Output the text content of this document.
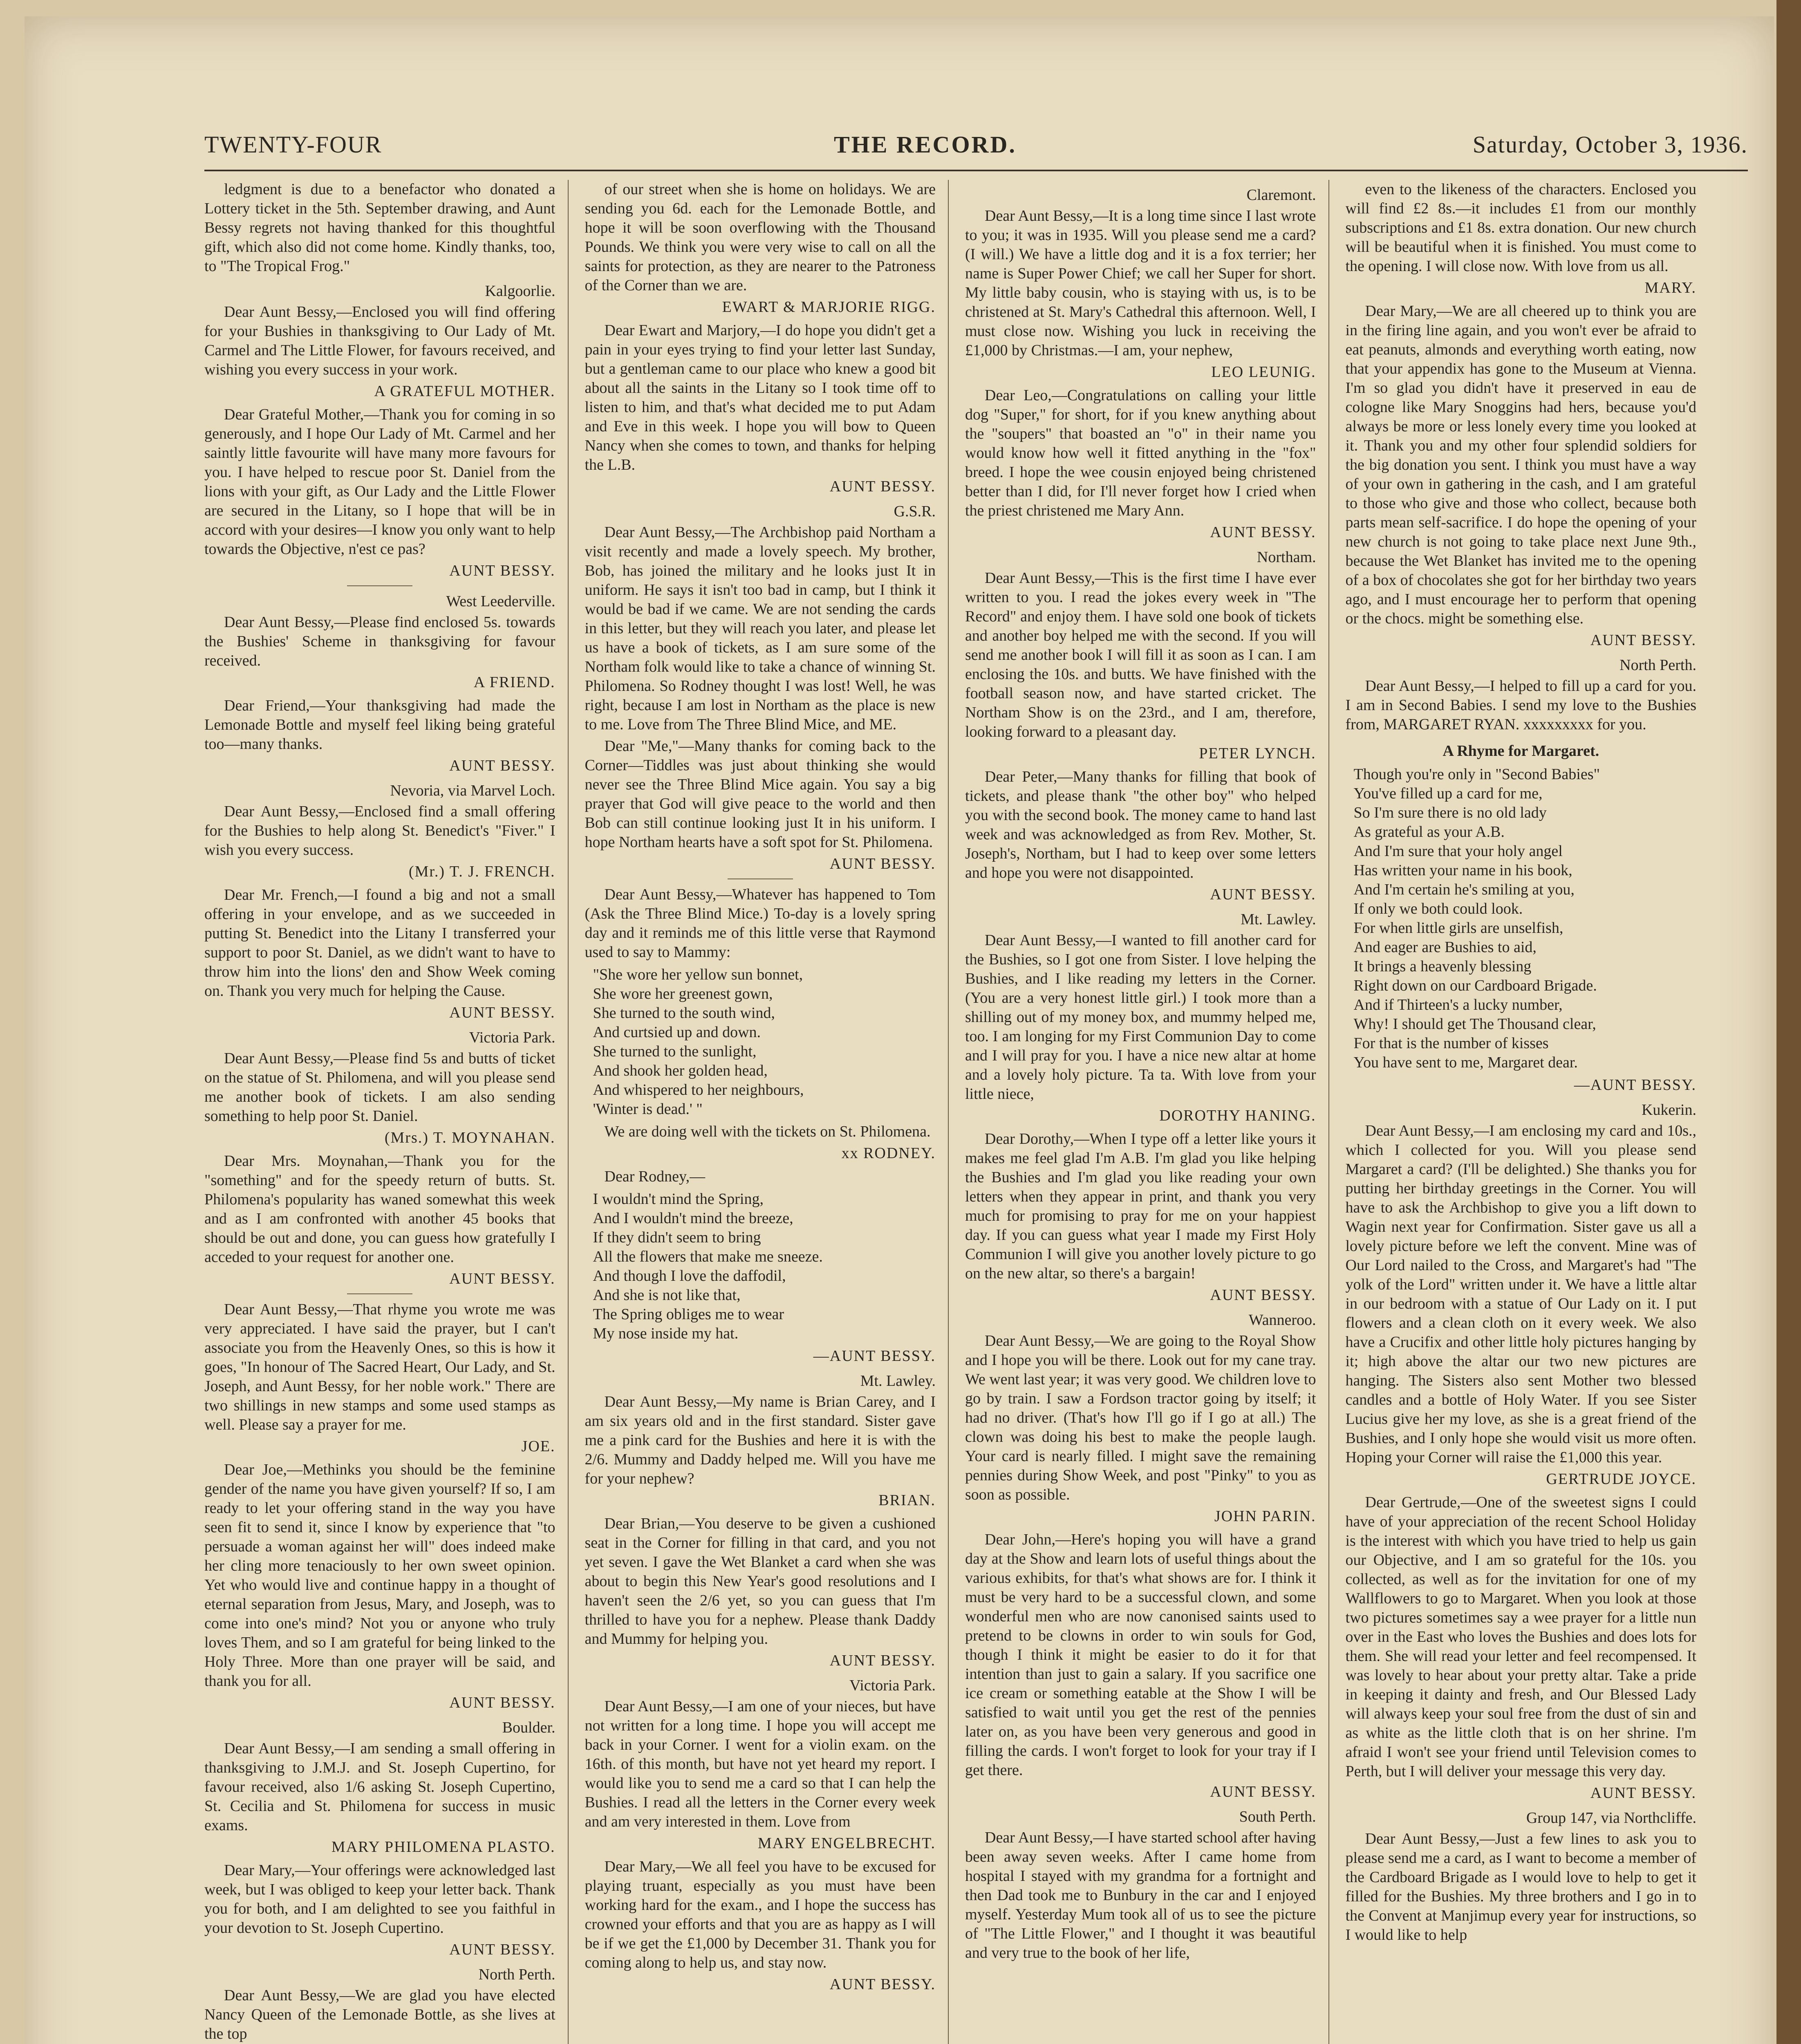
TWENTY-FOUR	THE RECORD.	Saturday, October 3, 1936.

ledgment is due to a benefactor who donated a Lottery ticket in the 5th. September drawing, and Aunt Bessy regrets not having thanked for this thoughtful gift, which also did not come home. Kindly thanks, too, to "The Tropical Frog."

Kalgoorlie.

Dear Aunt Bessy,—Enclosed you will find offering for your Bushies in thanksgiving to Our Lady of Mt. Carmel and The Little Flower, for favours received, and wishing you every success in your work.

A GRATEFUL MOTHER.

Dear Grateful Mother,—Thank you for coming in so generously, and I hope Our Lady of Mt. Carmel and her saintly little favourite will have many more favours for you. I have helped to rescue poor St. Daniel from the lions with your gift, as Our Lady and the Little Flower are secured in the Litany, so I hope that will be in accord with your desires—I know you only want to help towards the Objective, n'est ce pas?

AUNT BESSY.

West Leederville.

Dear Aunt Bessy,—Please find enclosed 5s. towards the Bushies' Scheme in thanksgiving for favour received.

A FRIEND.

Dear Friend,—Your thanksgiving had made the Lemonade Bottle and myself feel liking being grateful too—many thanks.

AUNT BESSY.

Nevoria, via Marvel Loch.

Dear Aunt Bessy,—Enclosed find a small offering for the Bushies to help along St. Benedict's "Fiver." I wish you every success.

(Mr.) T. J. FRENCH.

Dear Mr. French,—I found a big and not a small offering in your envelope, and as we succeeded in putting St. Benedict into the Litany I transferred your support to poor St. Daniel, as we didn't want to have to throw him into the lions' den and Show Week coming on. Thank you very much for helping the Cause.

AUNT BESSY.

Victoria Park.

Dear Aunt Bessy,—Please find 5s and butts of ticket on the statue of St. Philomena, and will you please send me another book of tickets. I am also sending something to help poor St. Daniel.

(Mrs.) T. MOYNAHAN.

Dear Mrs. Moynahan,—Thank you for the "something" and for the speedy return of butts. St. Philomena's popularity has waned somewhat this week and as I am confronted with another 45 books that should be out and done, you can guess how gratefully I acceded to your request for another one.

AUNT BESSY.

Dear Aunt Bessy,—That rhyme you wrote me was very appreciated. I have said the prayer, but I can't associate you from the Heavenly Ones, so this is how it goes, "In honour of The Sacred Heart, Our Lady, and St. Joseph, and Aunt Bessy, for her noble work." There are two shillings in new stamps and some used stamps as well. Please say a prayer for me.

JOE.

Dear Joe,—Methinks you should be the feminine gender of the name you have given yourself? If so, I am ready to let your offering stand in the way you have seen fit to send it, since I know by experience that "to persuade a woman against her will" does indeed make her cling more tenaciously to her own sweet opinion. Yet who would live and continue happy in a thought of eternal separation from Jesus, Mary, and Joseph, was to come into one's mind? Not you or anyone who truly loves Them, and so I am grateful for being linked to the Holy Three. More than one prayer will be said, and thank you for all.

AUNT BESSY.

Boulder.

Dear Aunt Bessy,—I am sending a small offering in thanksgiving to J.M.J. and St. Joseph Cupertino, for favour received, also 1/6 asking St. Joseph Cupertino, St. Cecilia and St. Philomena for success in music exams.

MARY PHILOMENA PLASTO.

Dear Mary,—Your offerings were acknowledged last week, but I was obliged to keep your letter back. Thank you for both, and I am delighted to see you faithful in your devotion to St. Joseph Cupertino.

AUNT BESSY.

North Perth.

Dear Aunt Bessy,—We are glad you have elected Nancy Queen of the Lemonade Bottle, as she lives at the top

of our street when she is home on holidays. We are sending you 6d. each for the Lemonade Bottle, and hope it will be soon overflowing with the Thousand Pounds. We think you were very wise to call on all the saints for protection, as they are nearer to the Patroness of the Corner than we are.

EWART & MARJORIE RIGG.

Dear Ewart and Marjory,—I do hope you didn't get a pain in your eyes trying to find your letter last Sunday, but a gentleman came to our place who knew a good bit about all the saints in the Litany so I took time off to listen to him, and that's what decided me to put Adam and Eve in this week. I hope you will bow to Queen Nancy when she comes to town, and thanks for helping the L.B.

AUNT BESSY.

G.S.R.

Dear Aunt Bessy,—The Archbishop paid Northam a visit recently and made a lovely speech. My brother, Bob, has joined the military and he looks just It in uniform. He says it isn't too bad in camp, but I think it would be bad if we came. We are not sending the cards in this letter, but they will reach you later, and please let us have a book of tickets, as I am sure some of the Northam folk would like to take a chance of winning St. Philomena. So Rodney thought I was lost! Well, he was right, because I am lost in Northam as the place is new to me. Love from The Three Blind Mice, and ME.

Dear "Me,"—Many thanks for coming back to the Corner—Tiddles was just about thinking she would never see the Three Blind Mice again. You say a big prayer that God will give peace to the world and then Bob can still continue looking just It in his uniform. I hope Northam hearts have a soft spot for St. Philomena.

AUNT BESSY.

Dear Aunt Bessy,—Whatever has happened to Tom (Ask the Three Blind Mice.) To-day is a lovely spring day and it reminds me of this little verse that Raymond used to say to Mammy:

"She wore her yellow sun bonnet,
She wore her greenest gown,
She turned to the south wind,
And curtsied up and down.
She turned to the sunlight,
And shook her golden head,
And whispered to her neighbours,
'Winter is dead.' "

We are doing well with the tickets on St. Philomena.

xx RODNEY.

Dear Rodney,—

I wouldn't mind the Spring,
And I wouldn't mind the breeze,
If they didn't seem to bring
All the flowers that make me sneeze.
And though I love the daffodil,
And she is not like that,
The Spring obliges me to wear
My nose inside my hat.

—AUNT BESSY.

Mt. Lawley.

Dear Aunt Bessy,—My name is Brian Carey, and I am six years old and in the first standard. Sister gave me a pink card for the Bushies and here it is with the 2/6. Mummy and Daddy helped me. Will you have me for your nephew?

BRIAN.

Dear Brian,—You deserve to be given a cushioned seat in the Corner for filling in that card, and you not yet seven. I gave the Wet Blanket a card when she was about to begin this New Year's good resolutions and I haven't seen the 2/6 yet, so you can guess that I'm thrilled to have you for a nephew. Please thank Daddy and Mummy for helping you.

AUNT BESSY.

Victoria Park.

Dear Aunt Bessy,—I am one of your nieces, but have not written for a long time. I hope you will accept me back in your Corner. I went for a violin exam. on the 16th. of this month, but have not yet heard my report. I would like you to send me a card so that I can help the Bushies. I read all the letters in the Corner every week and am very interested in them. Love from

MARY ENGELBRECHT.

Dear Mary,—We all feel you have to be excused for playing truant, especially as you must have been working hard for the exam., and I hope the success has crowned your efforts and that you are as happy as I will be if we get the £1,000 by December 31. Thank you for coming along to help us, and stay now.

AUNT BESSY.

Claremont.

Dear Aunt Bessy,—It is a long time since I last wrote to you; it was in 1935. Will you please send me a card? (I will.) We have a little dog and it is a fox terrier; her name is Super Power Chief; we call her Super for short. My little baby cousin, who is staying with us, is to be christened at St. Mary's Cathedral this afternoon. Well, I must close now. Wishing you luck in receiving the £1,000 by Christmas.—I am, your nephew,

LEO LEUNIG.

Dear Leo,—Congratulations on calling your little dog "Super," for short, for if you knew anything about the "soupers" that boasted an "o" in their name you would know how well it fitted anything in the "fox" breed. I hope the wee cousin enjoyed being christened better than I did, for I'll never forget how I cried when the priest christened me Mary Ann.

AUNT BESSY.

Northam.

Dear Aunt Bessy,—This is the first time I have ever written to you. I read the jokes every week in "The Record" and enjoy them. I have sold one book of tickets and another boy helped me with the second. If you will send me another book I will fill it as soon as I can. I am enclosing the 10s. and butts. We have finished with the football season now, and have started cricket. The Northam Show is on the 23rd., and I am, therefore, looking forward to a pleasant day.

PETER LYNCH.

Dear Peter,—Many thanks for filling that book of tickets, and please thank "the other boy" who helped you with the second book. The money came to hand last week and was acknowledged as from Rev. Mother, St. Joseph's, Northam, but I had to keep over some letters and hope you were not disappointed.

AUNT BESSY.

Mt. Lawley.

Dear Aunt Bessy,—I wanted to fill another card for the Bushies, so I got one from Sister. I love helping the Bushies, and I like reading my letters in the Corner. (You are a very honest little girl.) I took more than a shilling out of my money box, and mummy helped me, too. I am longing for my First Communion Day to come and I will pray for you. I have a nice new altar at home and a lovely holy picture. Ta ta. With love from your little niece,

DOROTHY HANING.

Dear Dorothy,—When I type off a letter like yours it makes me feel glad I'm A.B. I'm glad you like helping the Bushies and I'm glad you like reading your own letters when they appear in print, and thank you very much for promising to pray for me on your happiest day. If you can guess what year I made my First Holy Communion I will give you another lovely picture to go on the new altar, so there's a bargain!

AUNT BESSY.

Wanneroo.

Dear Aunt Bessy,—We are going to the Royal Show and I hope you will be there. Look out for my cane tray. We went last year; it was very good. We children love to go by train. I saw a Fordson tractor going by itself; it had no driver. (That's how I'll go if I go at all.) The clown was doing his best to make the people laugh. Your card is nearly filled. I might save the remaining pennies during Show Week, and post "Pinky" to you as soon as possible.

JOHN PARIN.

Dear John,—Here's hoping you will have a grand day at the Show and learn lots of useful things about the various exhibits, for that's what shows are for. I think it must be very hard to be a successful clown, and some wonderful men who are now canonised saints used to pretend to be clowns in order to win souls for God, though I think it might be easier to do it for that intention than just to gain a salary. If you sacrifice one ice cream or something eatable at the Show I will be satisfied to wait until you get the rest of the pennies later on, as you have been very generous and good in filling the cards. I won't forget to look for your tray if I get there.

AUNT BESSY.

South Perth.

Dear Aunt Bessy,—I have started school after having been away seven weeks. After I came home from hospital I stayed with my grandma for a fortnight and then Dad took me to Bunbury in the car and I enjoyed myself. Yesterday Mum took all of us to see the picture of "The Little Flower," and I thought it was beautiful and very true to the book of her life,

even to the likeness of the characters. Enclosed you will find £2 8s.—it includes £1 from our monthly subscriptions and £1 8s. extra donation. Our new church will be beautiful when it is finished. You must come to the opening. I will close now. With love from us all.

MARY.

Dear Mary,—We are all cheered up to think you are in the firing line again, and you won't ever be afraid to eat peanuts, almonds and everything worth eating, now that your appendix has gone to the Museum at Vienna. I'm so glad you didn't have it preserved in eau de cologne like Mary Snoggins had hers, because you'd always be more or less lonely every time you looked at it. Thank you and my other four splendid soldiers for the big donation you sent. I think you must have a way of your own in gathering in the cash, and I am grateful to those who give and those who collect, because both parts mean self-sacrifice. I do hope the opening of your new church is not going to take place next June 9th., because the Wet Blanket has invited me to the opening of a box of chocolates she got for her birthday two years ago, and I must encourage her to perform that opening or the chocs. might be something else.

AUNT BESSY.

North Perth.

Dear Aunt Bessy,—I helped to fill up a card for you. I am in Second Babies. I send my love to the Bushies from, MARGARET RYAN. xxxxxxxxx for you.

A Rhyme for Margaret.

Though you're only in "Second Babies"
You've filled up a card for me,
So I'm sure there is no old lady
As grateful as your A.B.
And I'm sure that your holy angel
Has written your name in his book,
And I'm certain he's smiling at you,
If only we both could look.
For when little girls are unselfish,
And eager are Bushies to aid,
It brings a heavenly blessing
Right down on our Cardboard Brigade.
And if Thirteen's a lucky number,
Why! I should get The Thousand clear,
For that is the number of kisses
You have sent to me, Margaret dear.

—AUNT BESSY.

Kukerin.

Dear Aunt Bessy,—I am enclosing my card and 10s., which I collected for you. Will you please send Margaret a card? (I'll be delighted.) She thanks you for putting her birthday greetings in the Corner. You will have to ask the Archbishop to give you a lift down to Wagin next year for Confirmation. Sister gave us all a lovely picture before we left the convent. Mine was of Our Lord nailed to the Cross, and Margaret's had "The yolk of the Lord" written under it. We have a little altar in our bedroom with a statue of Our Lady on it. I put flowers and a clean cloth on it every week. We also have a Crucifix and other little holy pictures hanging by it; high above the altar our two new pictures are hanging. The Sisters also sent Mother two blessed candles and a bottle of Holy Water. If you see Sister Lucius give her my love, as she is a great friend of the Bushies, and I only hope she would visit us more often. Hoping your Corner will raise the £1,000 this year.

GERTRUDE JOYCE.

Dear Gertrude,—One of the sweetest signs I could have of your appreciation of the recent School Holiday is the interest with which you have tried to help us gain our Objective, and I am so grateful for the 10s. you collected, as well as for the invitation for one of my Wallflowers to go to Margaret. When you look at those two pictures sometimes say a wee prayer for a little nun over in the East who loves the Bushies and does lots for them. She will read your letter and feel recompensed. It was lovely to hear about your pretty altar. Take a pride in keeping it dainty and fresh, and Our Blessed Lady will always keep your soul free from the dust of sin and as white as the little cloth that is on her shrine. I'm afraid I won't see your friend until Television comes to Perth, but I will deliver your message this very day.

AUNT BESSY.

Group 147, via Northcliffe.

Dear Aunt Bessy,—Just a few lines to ask you to please send me a card, as I want to become a member of the Cardboard Brigade as I would love to help to get it filled for the Bushies. My three brothers and I go in to the Convent at Manjimup every year for instructions, so I would like to help
